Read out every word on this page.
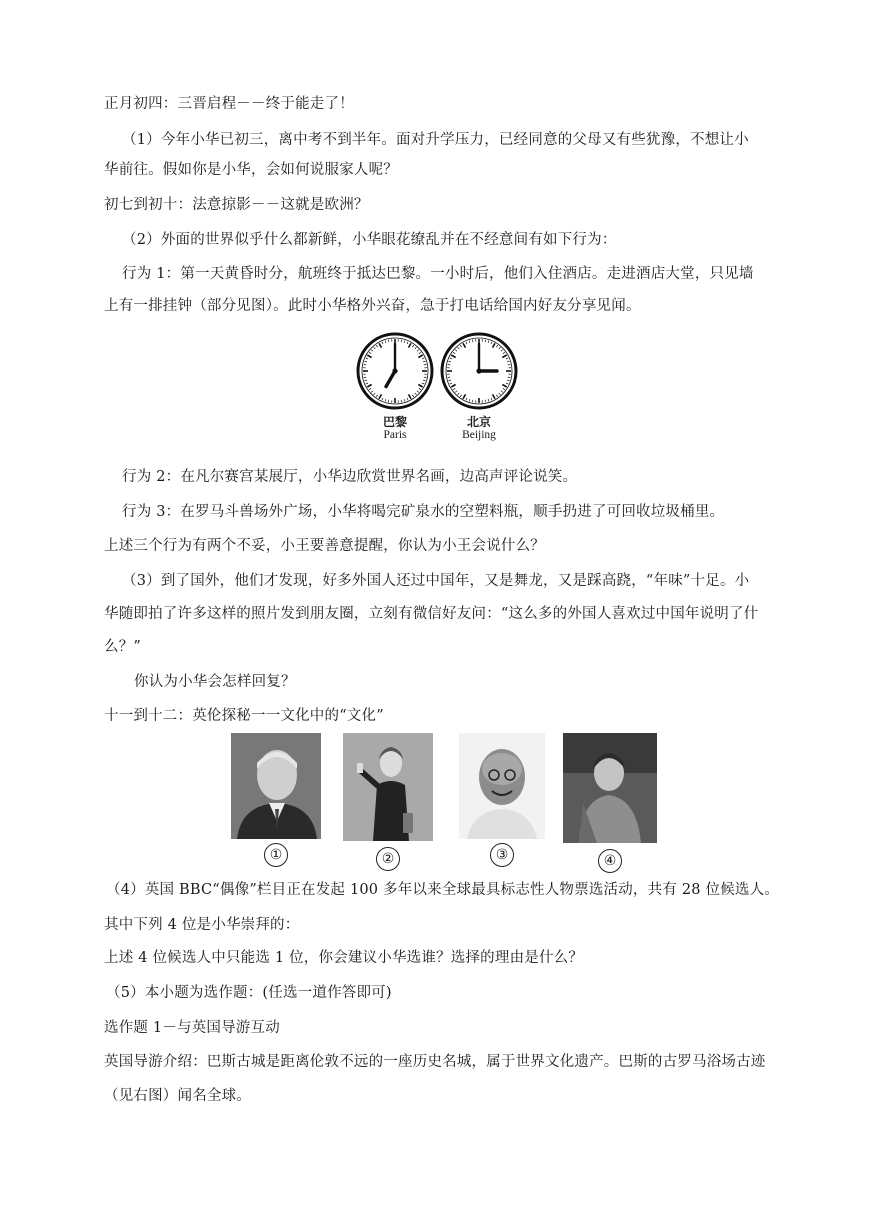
正月初四：三晋启程－－终于能走了！
（1）今年小华已初三，离中考不到半年。面对升学压力，已经同意的父母又有些犹豫，不想让小
华前往。假如你是小华，会如何说服家人呢？
初七到初十：法意掠影－－这就是欧洲？
（2）外面的世界似乎什么都新鲜，小华眼花缭乱并在不经意间有如下行为：
行为 1：第一天黄昏时分，航班终于抵达巴黎。一小时后，他们入住酒店。走进酒店大堂，只见墙
上有一排挂钟（部分见图）。此时小华格外兴奋，急于打电话给国内好友分享见闻。
巴黎
Paris
北京
Beijing
行为 2：在凡尔赛宫某展厅，小华边欣赏世界名画，边高声评论说笑。
行为 3：在罗马斗兽场外广场，小华将喝完矿泉水的空塑料瓶，顺手扔进了可回收垃圾桶里。
上述三个行为有两个不妥，小王要善意提醒，你认为小王会说什么？
（3）到了国外，他们才发现，好多外国人还过中国年，又是舞龙，又是踩高跷，“年味”十足。小
华随即拍了许多这样的照片发到朋友圈，立刻有微信好友问：“这么多的外国人喜欢过中国年说明了什
么？”
你认为小华会怎样回复？
十一到十二：英伦探秘一一文化中的“文化”
①	②	③	④
（4）英国 BBC“偶像”栏目正在发起 100 多年以来全球最具标志性人物票选活动，共有 28 位候选人。
其中下列 4 位是小华崇拜的：
上述 4 位候选人中只能选 1 位，你会建议小华选谁？选择的理由是什么？
（5）本小题为选作题：(任选一道作答即可)
选作题 1－与英国导游互动
英国导游介绍：巴斯古城是距离伦敦不远的一座历史名城，属于世界文化遗产。巴斯的古罗马浴场古迹
（见右图）闻名全球。
